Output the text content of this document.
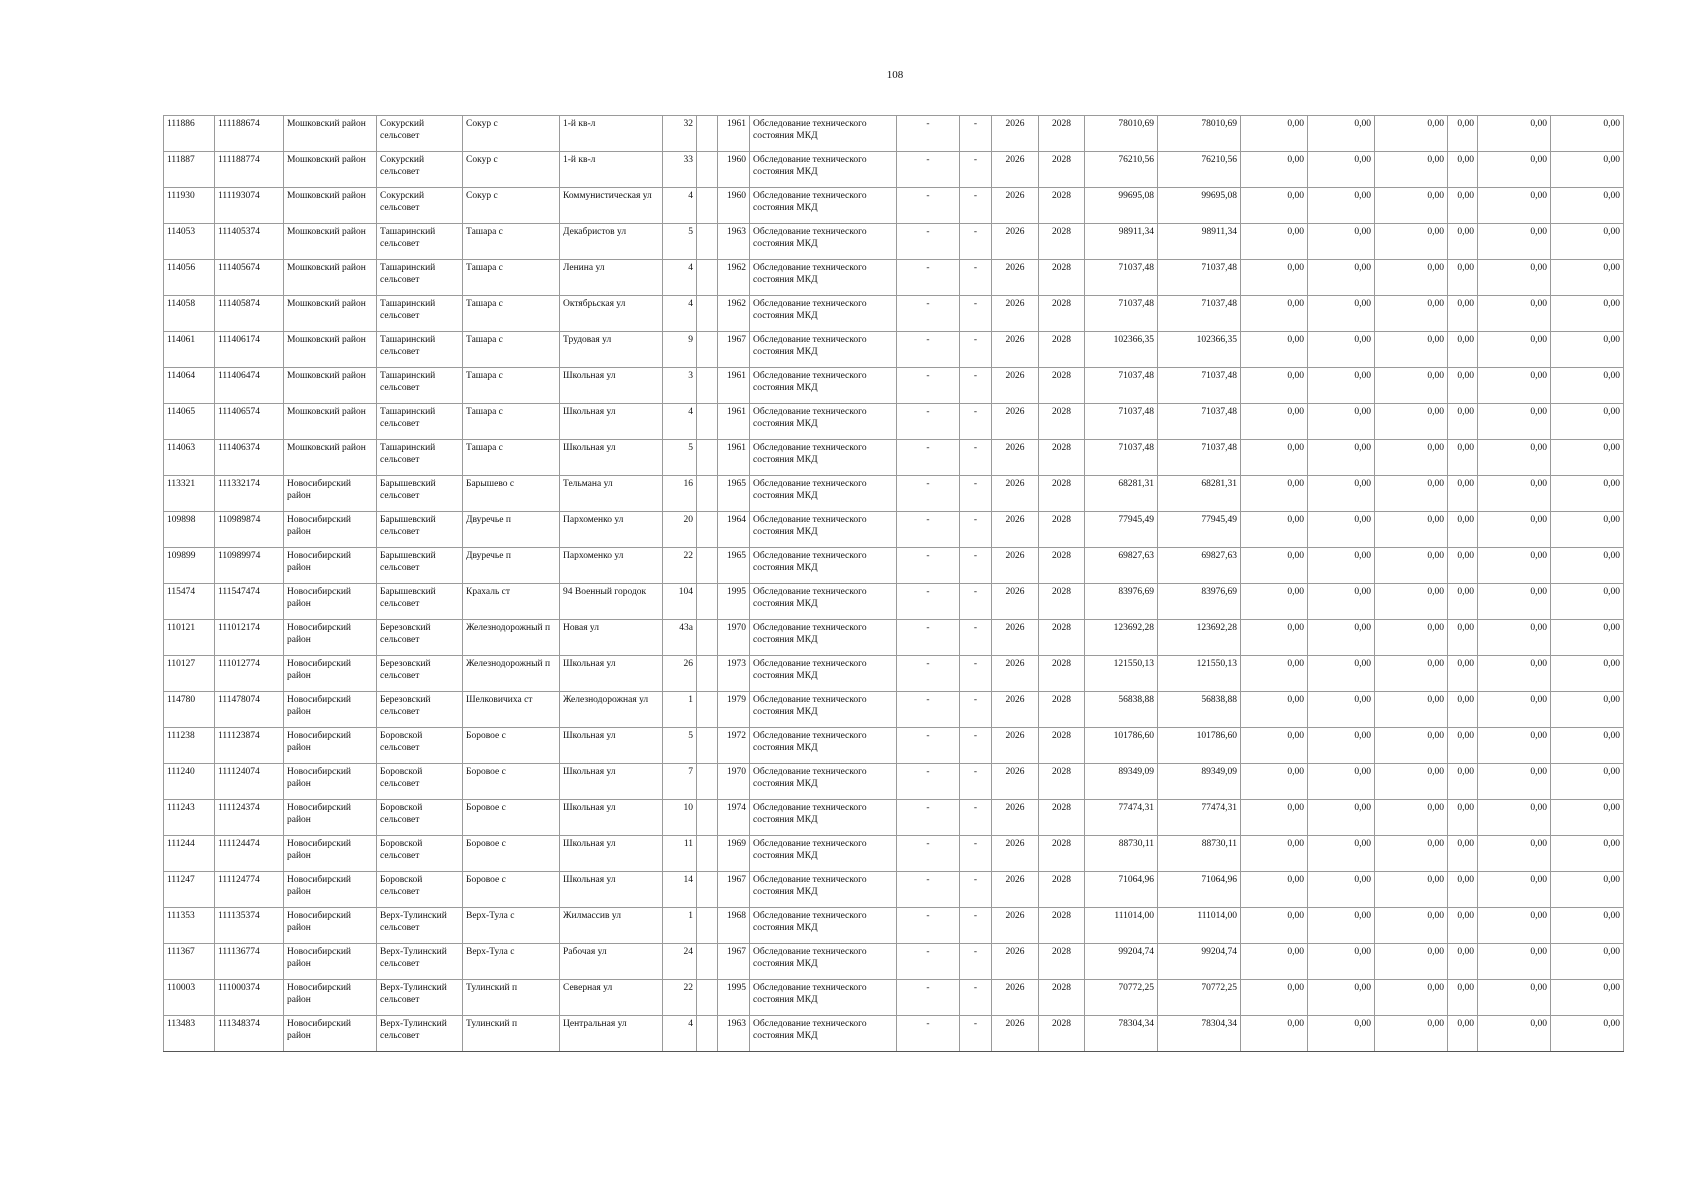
108
111886	111188674	Мошковский район	Сокурский сельсовет	Сокур с	1-й кв-л	32		1961	Обследование технического состояния МКД	-	-	2026	2028	78010,69	78010,69	0,00	0,00	0,00	0,00	0,00	0,00
111887	111188774	Мошковский район	Сокурский сельсовет	Сокур с	1-й кв-л	33		1960	Обследование технического состояния МКД	-	-	2026	2028	76210,56	76210,56	0,00	0,00	0,00	0,00	0,00	0,00
111930	111193074	Мошковский район	Сокурский сельсовет	Сокур с	Коммунистическая ул	4		1960	Обследование технического состояния МКД	-	-	2026	2028	99695,08	99695,08	0,00	0,00	0,00	0,00	0,00	0,00
114053	111405374	Мошковский район	Ташаринский сельсовет	Ташара с	Декабристов ул	5		1963	Обследование технического состояния МКД	-	-	2026	2028	98911,34	98911,34	0,00	0,00	0,00	0,00	0,00	0,00
114056	111405674	Мошковский район	Ташаринский сельсовет	Ташара с	Ленина ул	4		1962	Обследование технического состояния МКД	-	-	2026	2028	71037,48	71037,48	0,00	0,00	0,00	0,00	0,00	0,00
114058	111405874	Мошковский район	Ташаринский сельсовет	Ташара с	Октябрьская ул	4		1962	Обследование технического состояния МКД	-	-	2026	2028	71037,48	71037,48	0,00	0,00	0,00	0,00	0,00	0,00
114061	111406174	Мошковский район	Ташаринский сельсовет	Ташара с	Трудовая ул	9		1967	Обследование технического состояния МКД	-	-	2026	2028	102366,35	102366,35	0,00	0,00	0,00	0,00	0,00	0,00
114064	111406474	Мошковский район	Ташаринский сельсовет	Ташара с	Школьная ул	3		1961	Обследование технического состояния МКД	-	-	2026	2028	71037,48	71037,48	0,00	0,00	0,00	0,00	0,00	0,00
114065	111406574	Мошковский район	Ташаринский сельсовет	Ташара с	Школьная ул	4		1961	Обследование технического состояния МКД	-	-	2026	2028	71037,48	71037,48	0,00	0,00	0,00	0,00	0,00	0,00
114063	111406374	Мошковский район	Ташаринский сельсовет	Ташара с	Школьная ул	5		1961	Обследование технического состояния МКД	-	-	2026	2028	71037,48	71037,48	0,00	0,00	0,00	0,00	0,00	0,00
113321	111332174	Новосибирский район	Барышевский сельсовет	Барышево с	Тельмана ул	16		1965	Обследование технического состояния МКД	-	-	2026	2028	68281,31	68281,31	0,00	0,00	0,00	0,00	0,00	0,00
109898	110989874	Новосибирский район	Барышевский сельсовет	Двуречье п	Пархоменко ул	20		1964	Обследование технического состояния МКД	-	-	2026	2028	77945,49	77945,49	0,00	0,00	0,00	0,00	0,00	0,00
109899	110989974	Новосибирский район	Барышевский сельсовет	Двуречье п	Пархоменко ул	22		1965	Обследование технического состояния МКД	-	-	2026	2028	69827,63	69827,63	0,00	0,00	0,00	0,00	0,00	0,00
115474	111547474	Новосибирский район	Барышевский сельсовет	Крахаль ст	94 Военный городок	104		1995	Обследование технического состояния МКД	-	-	2026	2028	83976,69	83976,69	0,00	0,00	0,00	0,00	0,00	0,00
110121	111012174	Новосибирский район	Березовский сельсовет	Железнодорожный п	Новая ул	43а		1970	Обследование технического состояния МКД	-	-	2026	2028	123692,28	123692,28	0,00	0,00	0,00	0,00	0,00	0,00
110127	111012774	Новосибирский район	Березовский сельсовет	Железнодорожный п	Школьная ул	26		1973	Обследование технического состояния МКД	-	-	2026	2028	121550,13	121550,13	0,00	0,00	0,00	0,00	0,00	0,00
114780	111478074	Новосибирский район	Березовский сельсовет	Шелковичиха ст	Железнодорожная ул	1		1979	Обследование технического состояния МКД	-	-	2026	2028	56838,88	56838,88	0,00	0,00	0,00	0,00	0,00	0,00
111238	111123874	Новосибирский район	Боровской сельсовет	Боровое с	Школьная ул	5		1972	Обследование технического состояния МКД	-	-	2026	2028	101786,60	101786,60	0,00	0,00	0,00	0,00	0,00	0,00
111240	111124074	Новосибирский район	Боровской сельсовет	Боровое с	Школьная ул	7		1970	Обследование технического состояния МКД	-	-	2026	2028	89349,09	89349,09	0,00	0,00	0,00	0,00	0,00	0,00
111243	111124374	Новосибирский район	Боровской сельсовет	Боровое с	Школьная ул	10		1974	Обследование технического состояния МКД	-	-	2026	2028	77474,31	77474,31	0,00	0,00	0,00	0,00	0,00	0,00
111244	111124474	Новосибирский район	Боровской сельсовет	Боровое с	Школьная ул	11		1969	Обследование технического состояния МКД	-	-	2026	2028	88730,11	88730,11	0,00	0,00	0,00	0,00	0,00	0,00
111247	111124774	Новосибирский район	Боровской сельсовет	Боровое с	Школьная ул	14		1967	Обследование технического состояния МКД	-	-	2026	2028	71064,96	71064,96	0,00	0,00	0,00	0,00	0,00	0,00
111353	111135374	Новосибирский район	Верх-Тулинский сельсовет	Верх-Тула с	Жилмассив ул	1		1968	Обследование технического состояния МКД	-	-	2026	2028	111014,00	111014,00	0,00	0,00	0,00	0,00	0,00	0,00
111367	111136774	Новосибирский район	Верх-Тулинский сельсовет	Верх-Тула с	Рабочая ул	24		1967	Обследование технического состояния МКД	-	-	2026	2028	99204,74	99204,74	0,00	0,00	0,00	0,00	0,00	0,00
110003	111000374	Новосибирский район	Верх-Тулинский сельсовет	Тулинский п	Северная ул	22		1995	Обследование технического состояния МКД	-	-	2026	2028	70772,25	70772,25	0,00	0,00	0,00	0,00	0,00	0,00
113483	111348374	Новосибирский район	Верх-Тулинский сельсовет	Тулинский п	Центральная ул	4		1963	Обследование технического состояния МКД	-	-	2026	2028	78304,34	78304,34	0,00	0,00	0,00	0,00	0,00	0,00
